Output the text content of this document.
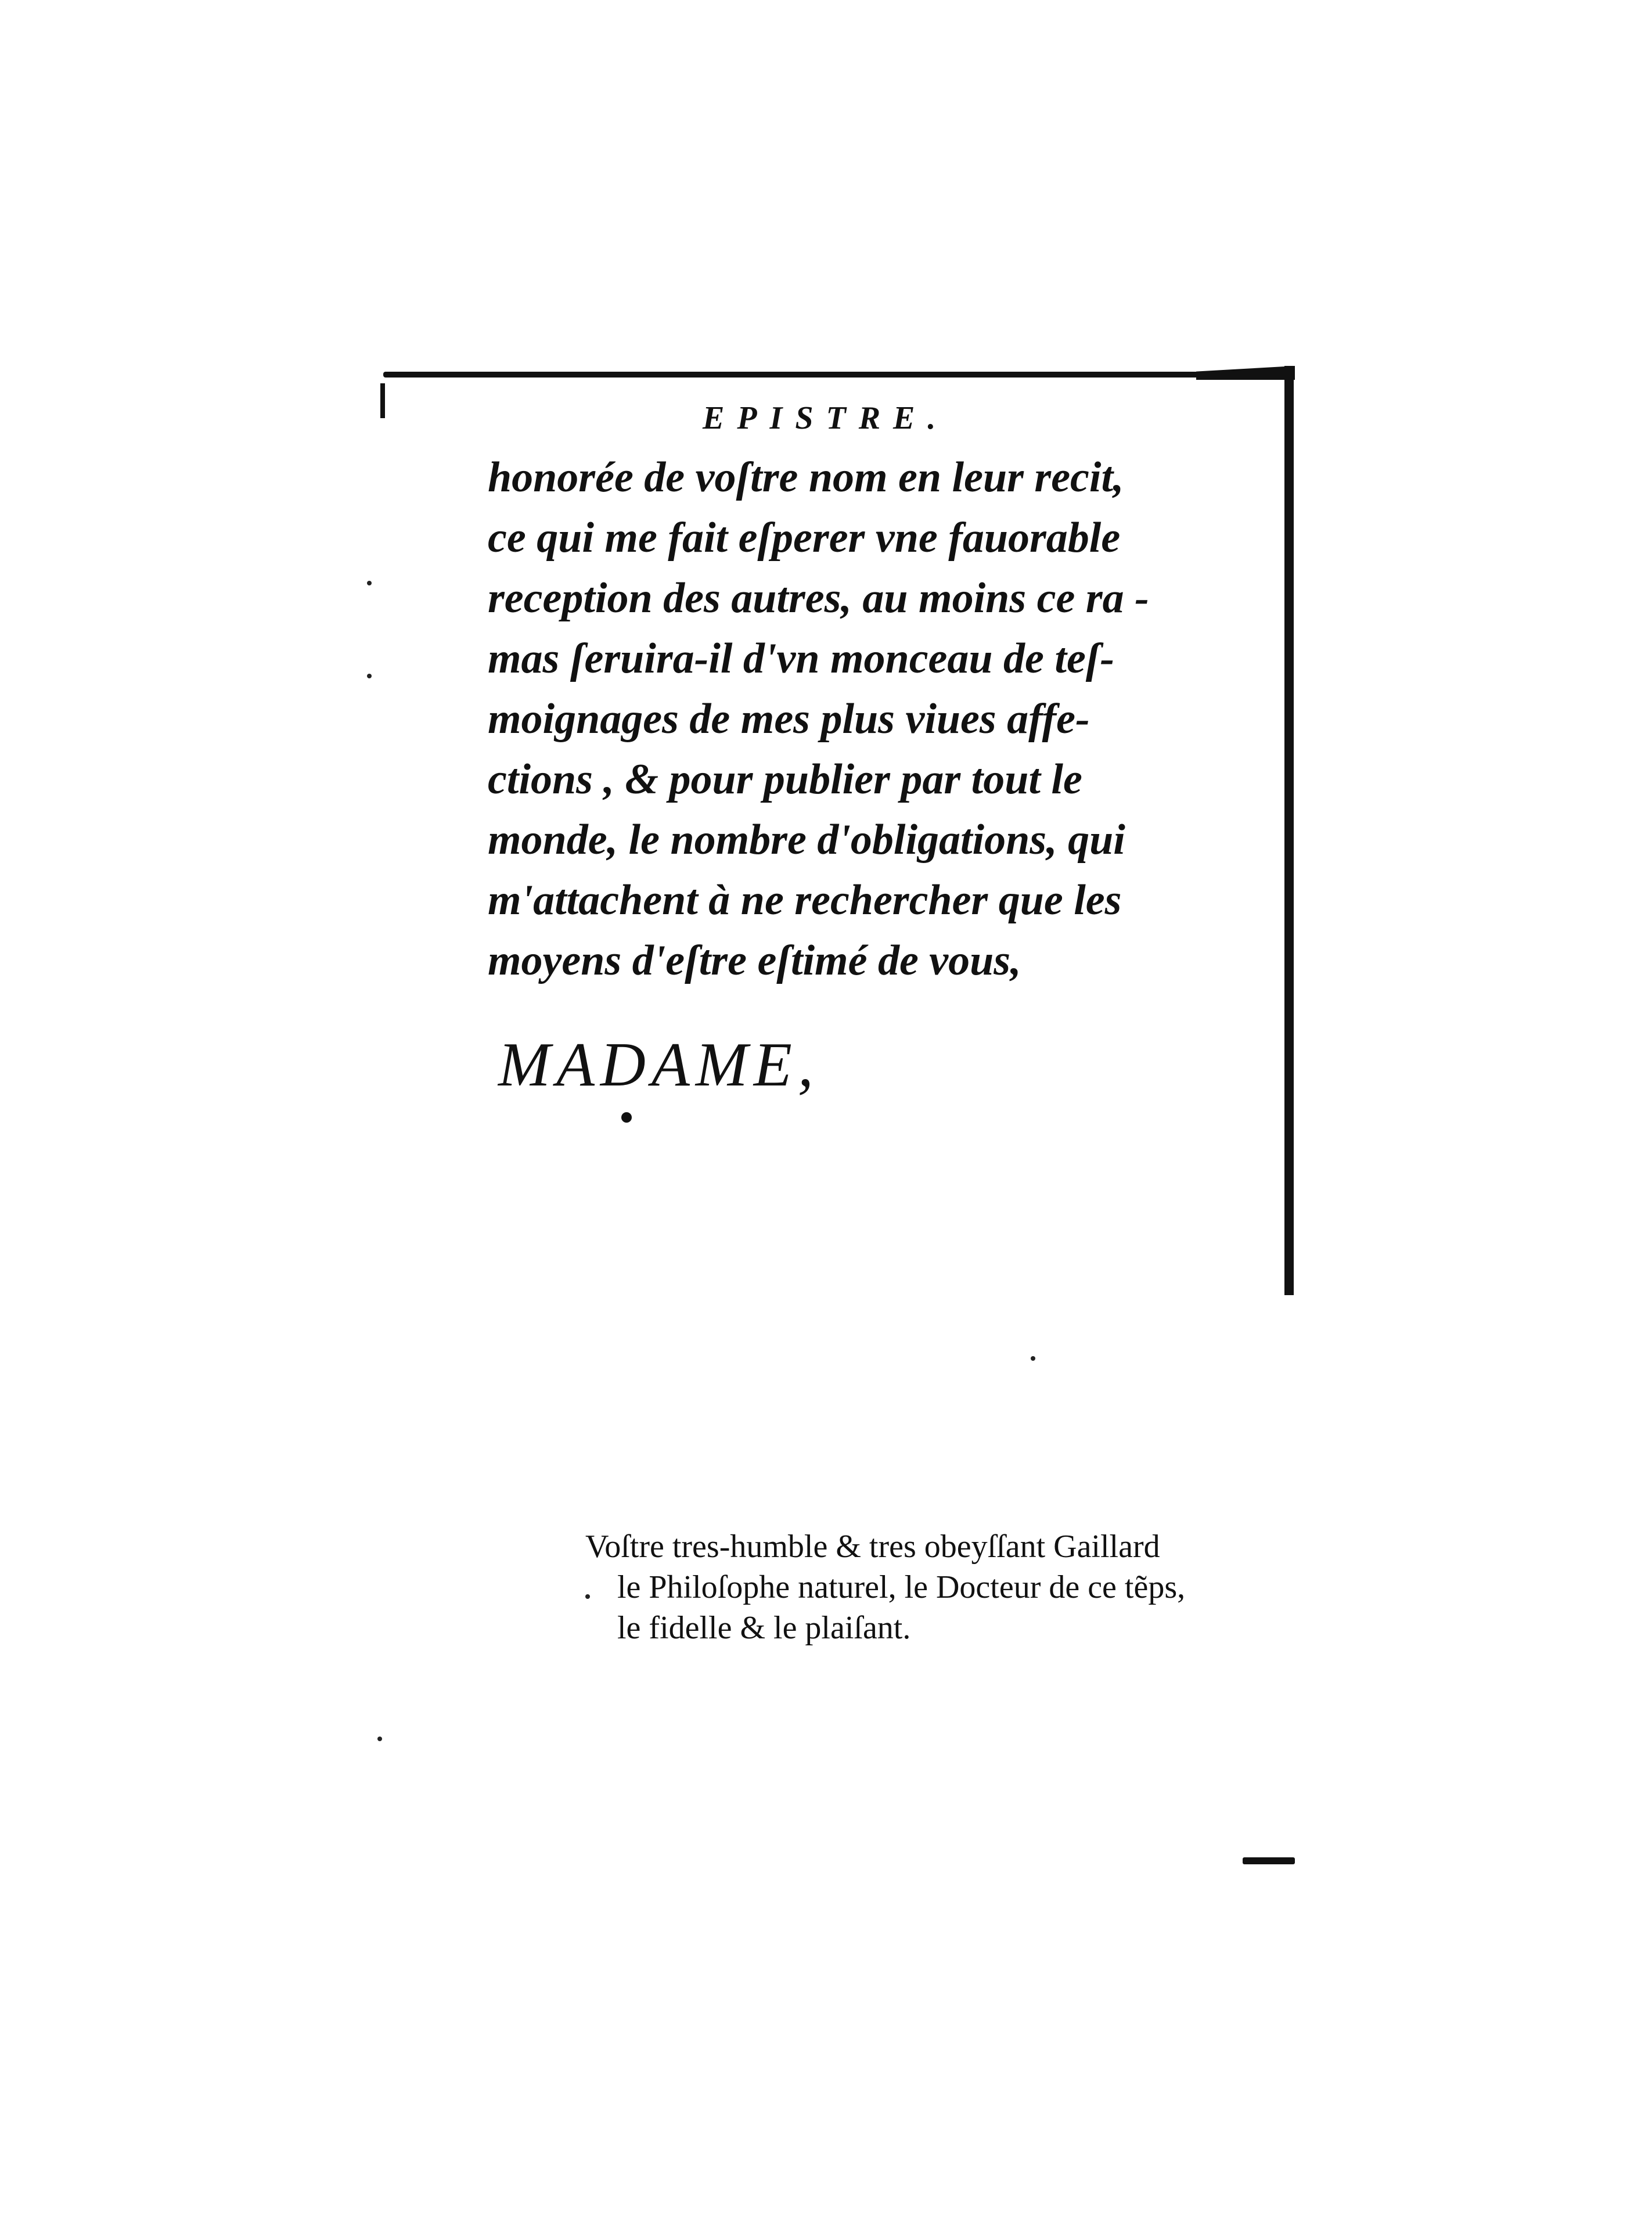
EPISTRE.
honorée de voſtre nom en leur recit,
ce qui me fait eſperer vne fauorable
reception des autres, au moins ce ra -
mas ſeruira-il d'vn monceau de teſ-
moignages de mes plus viues affe-
ctions , & pour publier par tout le
monde, le nombre d'obligations, qui
m'attachent à ne rechercher que les
moyens d'eſtre eſtimé de vous,
MADAME,
Voſtre tres-humble & tres obeyſſant Gaillard
le Philoſophe naturel, le Docteur de ce tẽps,
le fidelle & le plaiſant.
